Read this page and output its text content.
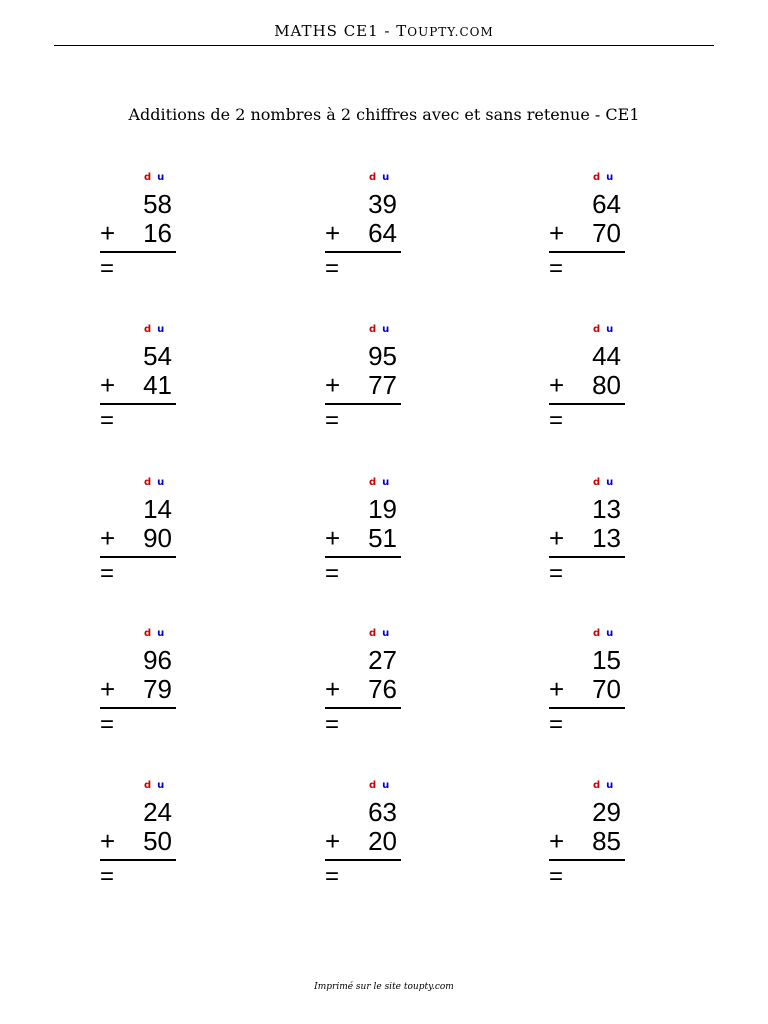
MATHS CE1 - TOUPTY.COM
Additions de 2 nombres à 2 chiffres avec et sans retenue - CE1
d u
58
+ 16
=
d u
39
+ 64
=
d u
64
+ 70
=
d u
54
+ 41
=
d u
95
+ 77
=
d u
44
+ 80
=
d u
14
+ 90
=
d u
19
+ 51
=
d u
13
+ 13
=
d u
96
+ 79
=
d u
27
+ 76
=
d u
15
+ 70
=
d u
24
+ 50
=
d u
63
+ 20
=
d u
29
+ 85
=
Imprimé sur le site toupty.com
